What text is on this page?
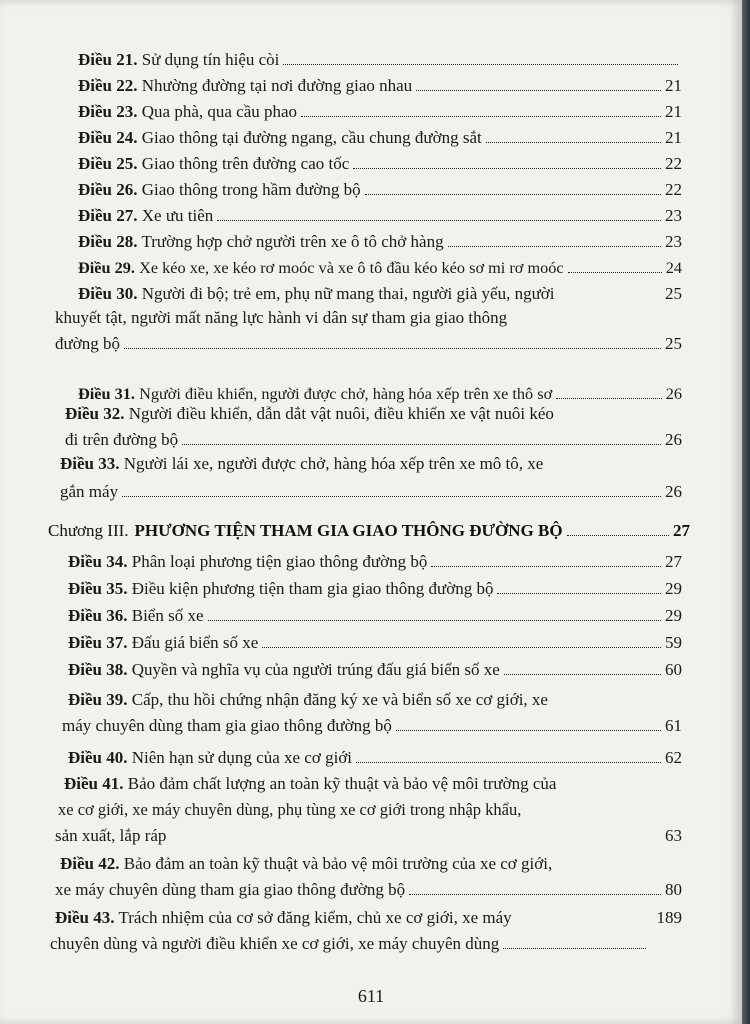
Điều 21. Sử dụng tín hiệu còi
Điều 22. Nhường đường tại nơi đường giao nhau	21
Điều 23. Qua phà, qua cầu phao	21
Điều 24. Giao thông tại đường ngang, cầu chung đường sắt	21
Điều 25. Giao thông trên đường cao tốc	22
Điều 26. Giao thông trong hầm đường bộ	22
Điều 27. Xe ưu tiên	23
Điều 28. Trường hợp chở người trên xe ô tô chở hàng	23
Điều 29. Xe kéo xe, xe kéo rơ moóc và xe ô tô đầu kéo kéo sơ mi rơ moóc	24
Điều 30. Người đi bộ; trẻ em, phụ nữ mang thai, người già yếu, người	25
khuyết tật, người mất năng lực hành vi dân sự tham gia giao thông
đường bộ	25
Điều 31. Người điều khiển, người được chở, hàng hóa xếp trên xe thô sơ	26
Điều 32. Người điều khiển, dẫn dắt vật nuôi, điều khiển xe vật nuôi kéo
đi trên đường bộ	26
Điều 33. Người lái xe, người được chở, hàng hóa xếp trên xe mô tô, xe
gắn máy	26
Chương III. PHƯƠNG TIỆN THAM GIA GIAO THÔNG ĐƯỜNG BỘ	27
Điều 34. Phân loại phương tiện giao thông đường bộ	27
Điều 35. Điều kiện phương tiện tham gia giao thông đường bộ	29
Điều 36. Biển số xe	29
Điều 37. Đấu giá biển số xe	59
Điều 38. Quyền và nghĩa vụ của người trúng đấu giá biển số xe	60
Điều 39. Cấp, thu hồi chứng nhận đăng ký xe và biển số xe cơ giới, xe
máy chuyên dùng tham gia giao thông đường bộ	61
Điều 40. Niên hạn sử dụng của xe cơ giới	62
Điều 41. Bảo đảm chất lượng an toàn kỹ thuật và bảo vệ môi trường của
xe cơ giới, xe máy chuyên dùng, phụ tùng xe cơ giới trong nhập khẩu,
sản xuất, lắp ráp	63
Điều 42. Bảo đảm an toàn kỹ thuật và bảo vệ môi trường của xe cơ giới,
xe máy chuyên dùng tham gia giao thông đường bộ	80
Điều 43. Trách nhiệm của cơ sở đăng kiểm, chủ xe cơ giới, xe máy	189
chuyên dùng và người điều khiển xe cơ giới, xe máy chuyên dùng
611
